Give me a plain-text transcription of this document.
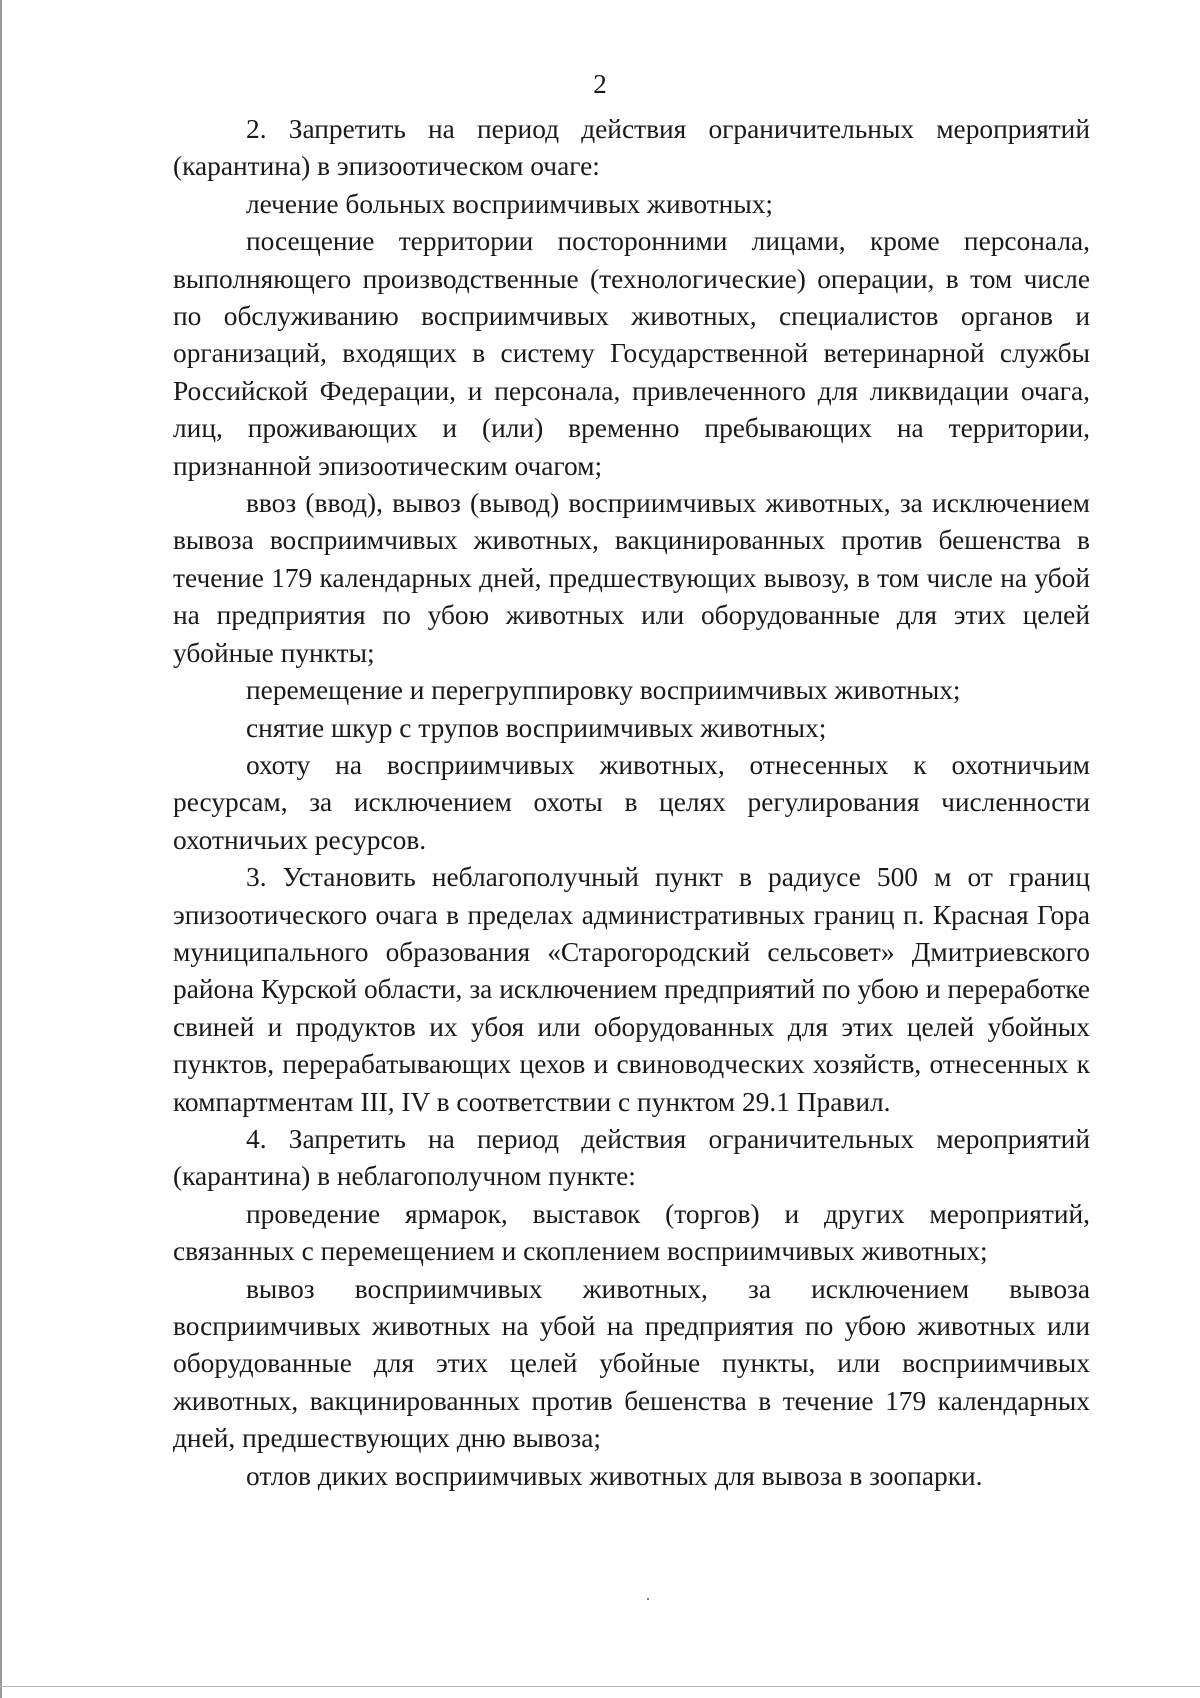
2

2. Запретить на период действия ограничительных мероприятий (карантина) в эпизоотическом очаге:

лечение больных восприимчивых животных;

посещение территории посторонними лицами, кроме персонала, выполняющего производственные (технологические) операции, в том числе по обслуживанию восприимчивых животных, специалистов органов и организаций, входящих в систему Государственной ветеринарной службы Российской Федерации, и персонала, привлеченного для ликвидации очага, лиц, проживающих и (или) временно пребывающих на территории, признанной эпизоотическим очагом;

ввоз (ввод), вывоз (вывод) восприимчивых животных, за исключением вывоза восприимчивых животных, вакцинированных против бешенства в течение 179 календарных дней, предшествующих вывозу, в том числе на убой на предприятия по убою животных или оборудованные для этих целей убойные пункты;

перемещение и перегруппировку восприимчивых животных;

снятие шкур с трупов восприимчивых животных;

охоту на восприимчивых животных, отнесенных к охотничьим ресурсам, за исключением охоты в целях регулирования численности охотничьих ресурсов.

3. Установить неблагополучный пункт в радиусе 500 м от границ эпизоотического очага в пределах административных границ п. Красная Гора муниципального образования «Старогородский сельсовет» Дмитриевского района Курской области, за исключением предприятий по убою и переработке свиней и продуктов их убоя или оборудованных для этих целей убойных пунктов, перерабатывающих цехов и свиноводческих хозяйств, отнесенных к компартментам III, IV в соответствии с пунктом 29.1 Правил.

4. Запретить на период действия ограничительных мероприятий (карантина) в неблагополучном пункте:

проведение ярмарок, выставок (торгов) и других мероприятий, связанных с перемещением и скоплением восприимчивых животных;

вывоз восприимчивых животных, за исключением вывоза восприимчивых животных на убой на предприятия по убою животных или оборудованные для этих целей убойные пункты, или восприимчивых животных, вакцинированных против бешенства в течение 179 календарных дней, предшествующих дню вывоза;

отлов диких восприимчивых животных для вывоза в зоопарки.
